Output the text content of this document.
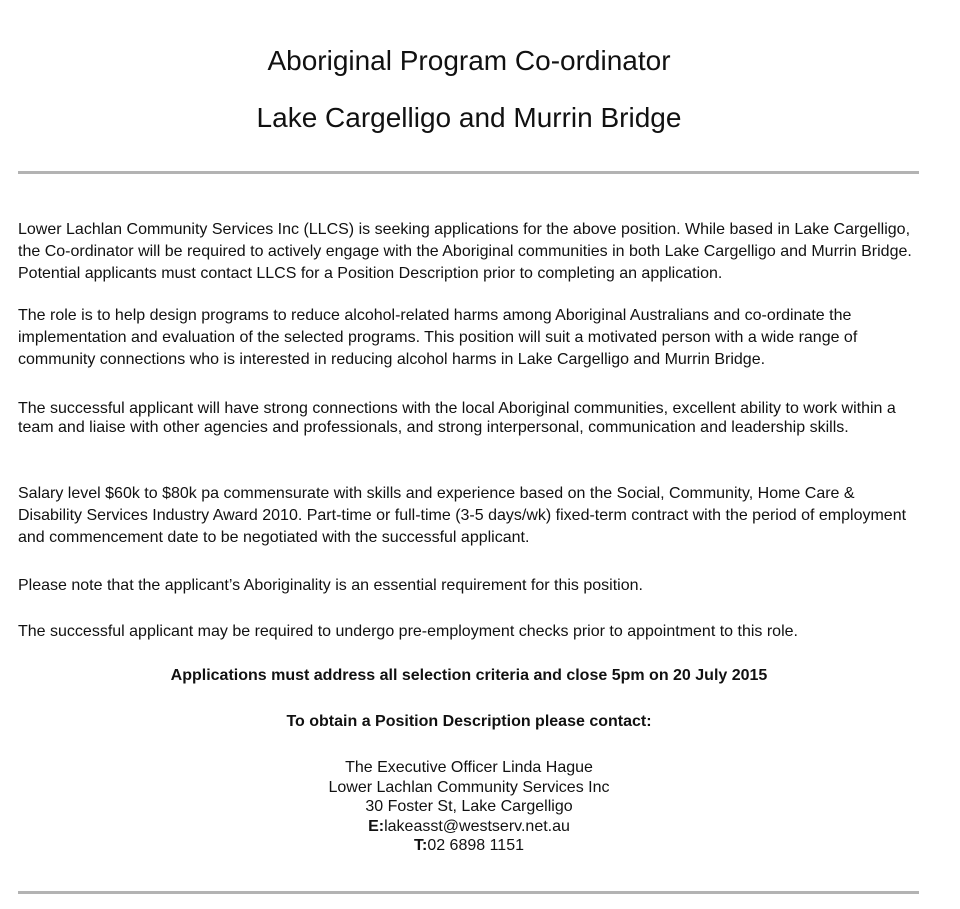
Aboriginal Program Co-ordinator
Lake Cargelligo and Murrin Bridge

Lower Lachlan Community Services Inc (LLCS) is seeking applications for the above position. While based in Lake Cargelligo, the Co-ordinator will be required to actively engage with the Aboriginal communities in both Lake Cargelligo and Murrin Bridge. Potential applicants must contact LLCS for a Position Description prior to completing an application.

The role is to help design programs to reduce alcohol-related harms among Aboriginal Australians and co-ordinate the implementation and evaluation of the selected programs. This position will suit a motivated person with a wide range of community connections who is interested in reducing alcohol harms in Lake Cargelligo and Murrin Bridge.

The successful applicant will have strong connections with the local Aboriginal communities, excellent ability to work within a team and liaise with other agencies and professionals, and strong interpersonal, communication and leadership skills.

Salary level $60k to $80k pa commensurate with skills and experience based on the Social, Community, Home Care & Disability Services Industry Award 2010. Part-time or full-time (3-5 days/wk) fixed-term contract with the period of employment and commencement date to be negotiated with the successful applicant.

Please note that the applicant’s Aboriginality is an essential requirement for this position.

The successful applicant may be required to undergo pre-employment checks prior to appointment to this role.

Applications must address all selection criteria and close 5pm on 20 July 2015

To obtain a Position Description please contact:

The Executive Officer Linda Hague
Lower Lachlan Community Services Inc
30 Foster St, Lake Cargelligo
E:lakeasst@westserv.net.au
T:02 6898 1151
